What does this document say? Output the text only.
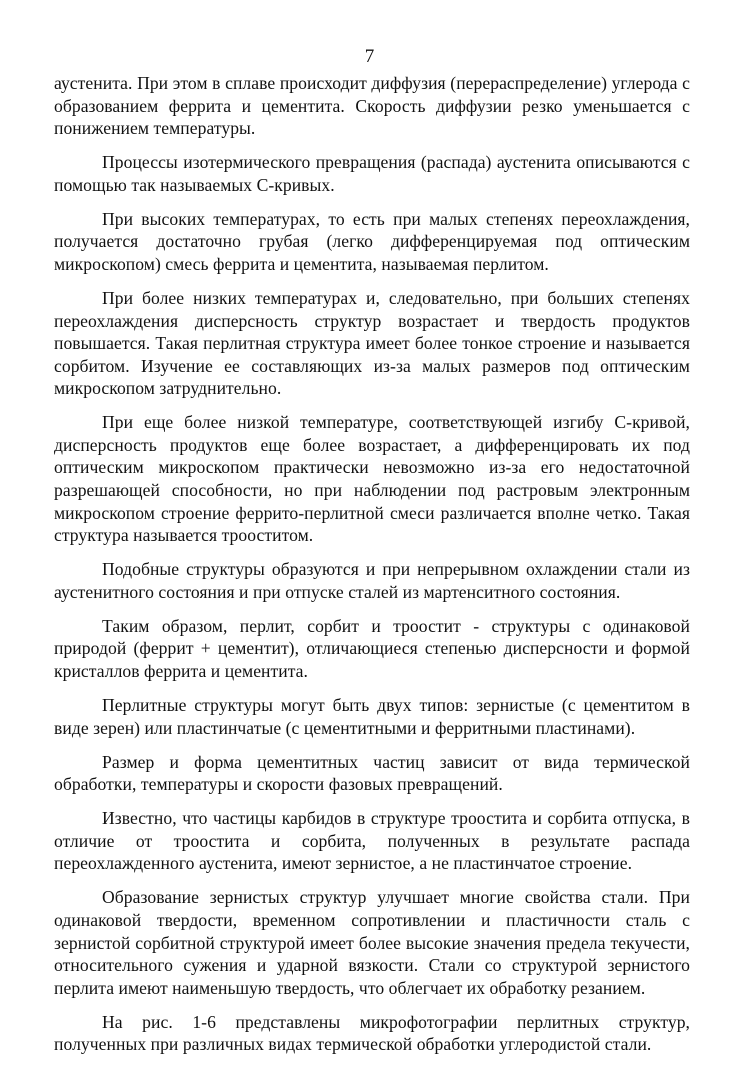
7

аустенита. При этом в сплаве происходит диффузия (перераспределение) углерода с образованием феррита и цементита. Скорость диффузии резко уменьшается с понижением температуры.

Процессы изотермического превращения (распада) аустенита описываются с помощью так называемых С-кривых.

При высоких температурах, то есть при малых степенях переохлаждения, получается достаточно грубая (легко дифференцируемая под оптическим микроскопом) смесь феррита и цементита, называемая перлитом.

При более низких температурах и, следовательно, при больших степенях переохлаждения дисперсность структур возрастает и твердость продуктов повышается. Такая перлитная структура имеет более тонкое строение и называется сорбитом. Изучение ее составляющих из-за малых размеров под оптическим микроскопом затруднительно.

При еще более низкой температуре, соответствующей изгибу С-кривой, дисперсность продуктов еще более возрастает, а дифференцировать их под оптическим микроскопом практически невозможно из-за его недостаточной разрешающей способности, но при наблюдении под растровым электронным микроскопом строение феррито-перлитной смеси различается вполне четко. Такая структура называется трооститом.

Подобные структуры образуются и при непрерывном охлаждении стали из аустенитного состояния и при отпуске сталей из мартенситного состояния.

Таким образом, перлит, сорбит и троостит - структуры с одинаковой природой (феррит + цементит), отличающиеся степенью дисперсности и формой кристаллов феррита и цементита.

Перлитные структуры могут быть двух типов: зернистые (с цементитом в виде зерен) или пластинчатые (с цементитными и ферритными пластинами).

Размер и форма цементитных частиц зависит от вида термической обработки, температуры и скорости фазовых превращений.

Известно, что частицы карбидов в структуре троостита и сорбита отпуска, в отличие от троостита и сорбита, полученных в результате распада переохлажденного аустенита, имеют зернистое, а не пластинчатое строение.

Образование зернистых структур улучшает многие свойства стали. При одинаковой твердости, временном сопротивлении и пластичности сталь с зернистой сорбитной структурой имеет более высокие значения предела текучести, относительного сужения и ударной вязкости. Стали со структурой зернистого перлита имеют наименьшую твердость, что облегчает их обработку резанием.

На рис. 1-6 представлены микрофотографии перлитных структур, полученных при различных видах термической обработки углеродистой стали.
